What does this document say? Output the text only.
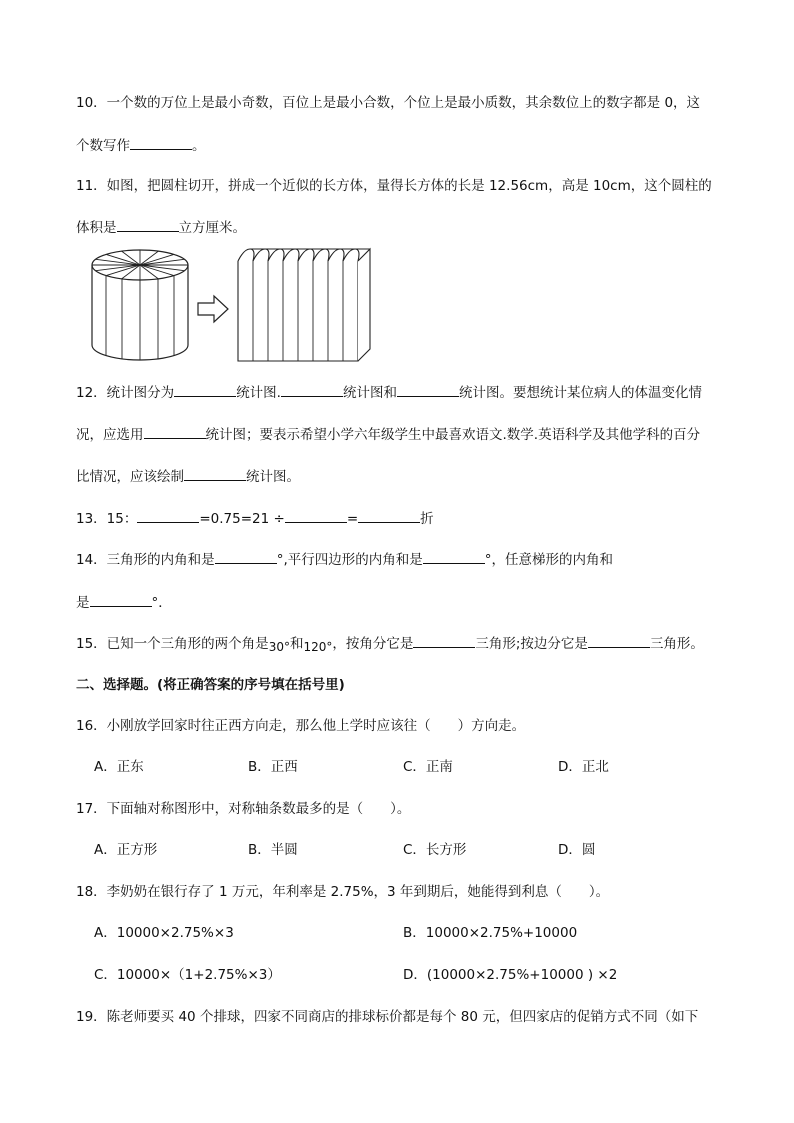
10．一个数的万位上是最小奇数，百位上是最小合数，个位上是最小质数，其余数位上的数字都是 0，这
个数写作	。
11．如图，把圆柱切开，拼成一个近似的长方体，量得长方体的长是 12.56cm，高是 10cm，这个圆柱的
体积是	立方厘米。
12．统计图分为	统计图.	统计图和	统计图。要想统计某位病人的体温变化情
况，应选用	统计图；要表示希望小学六年级学生中最喜欢语文.数学.英语科学及其他学科的百分
比情况，应该绘制	统计图。
13．15：	=0.75=21 ÷	=	折
14．三角形的内角和是	°,平行四边形的内角和是	°，任意梯形的内角和
是	°．
15．已知一个三角形的两个角是30°和120°，按角分它是	三角形;按边分它是	三角形。
二、选择题。(将正确答案的序号填在括号里)
16．小刚放学回家时往正西方向走，那么他上学时应该往（　　）方向走。
A．正东	B．正西	C．正南	D．正北
17．下面轴对称图形中，对称轴条数最多的是（　　）。
A．正方形	B．半圆	C．长方形	D．圆
18．李奶奶在银行存了 1 万元，年利率是 2.75%，3 年到期后，她能得到利息（　　）。
A．10000×2.75%×3	B．10000×2.75%+10000
C．10000×（1+2.75%×3）	D．(10000×2.75%+10000 ) ×2
19．陈老师要买 40 个排球，四家不同商店的排球标价都是每个 80 元，但四家店的促销方式不同（如下
